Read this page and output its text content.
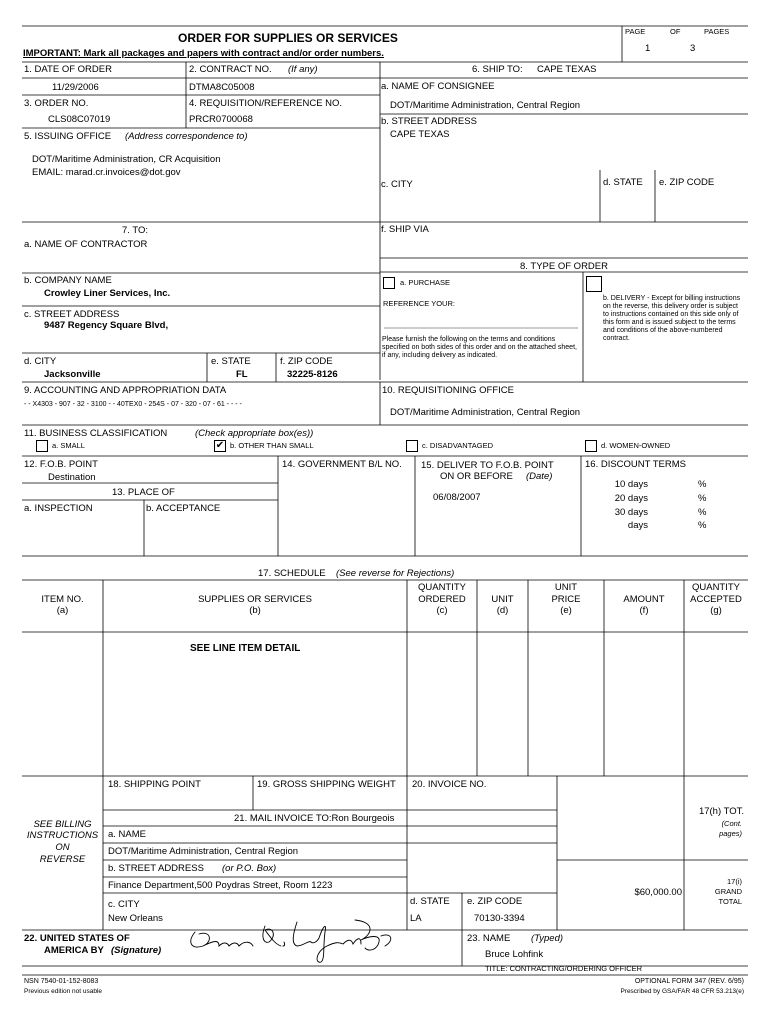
ORDER FOR SUPPLIES OR SERVICES
IMPORTANT: Mark all packages and papers with contract and/or order numbers.
PAGE	OF	PAGES
1	3
1. DATE OF ORDER
11/29/2006
2. CONTRACT NO. (If any)
DTMA8C05008
3. ORDER NO.
CLS08C07019
4. REQUISITION/REFERENCE NO.
PRCR0700068
5. ISSUING OFFICE (Address correspondence to)
DOT/Maritime Administration, CR Acquisition
EMAIL: marad.cr.invoices@dot.gov
6. SHIP TO: CAPE TEXAS
a. NAME OF CONSIGNEE
DOT/Maritime Administration, Central Region
b. STREET ADDRESS
CAPE TEXAS
c. CITY	d. STATE e. ZIP CODE
f. SHIP VIA
7. TO:
a. NAME OF CONTRACTOR
b. COMPANY NAME
Crowley Liner Services, Inc.
c. STREET ADDRESS
9487 Regency Square Blvd,
d. CITY
Jacksonville
e. STATE
FL
f. ZIP CODE
32225-8126
8. TYPE OF ORDER
a. PURCHASE
REFERENCE YOUR:
Please furnish the following on the terms and conditions specified on both sides of this order and on the attached sheet, if any, including delivery as indicated.
b. DELIVERY - Except for billing instructions on the reverse, this delivery order is subject to instructions contained on this side only of this form and is issued subject to the terms and conditions of the above-numbered contract.
9. ACCOUNTING AND APPROPRIATION DATA
- - X4303 - 907 - 32 - 3100 - - 40TEX0 - 254S - 07 - 320 - 07 - 61 - - - -
10. REQUISITIONING OFFICE
DOT/Maritime Administration, Central Region
11. BUSINESS CLASSIFICATION	(Check appropriate box(es))
a. SMALL	✔ b. OTHER THAN SMALL	c. DISADVANTAGED	d. WOMEN-OWNED
12. F.O.B. POINT
Destination
13. PLACE OF
a. INSPECTION	b. ACCEPTANCE
14. GOVERNMENT B/L NO. 15. DELIVER TO F.O.B. POINT
ON OR BEFORE (Date)
06/08/2007
16. DISCOUNT TERMS
10 days	%
20 days	%
30 days	%
days	%
17. SCHEDULE (See reverse for Rejections)
ITEM NO.
(a)
SUPPLIES OR SERVICES
(b)
QUANTITY
ORDERED
(c)
UNIT
(d)
UNIT
PRICE
(e)
AMOUNT
(f)
QUANTITY
ACCEPTED
(g)
SEE LINE ITEM DETAIL
18. SHIPPING POINT	19. GROSS SHIPPING WEIGHT 20. INVOICE NO.
21. MAIL INVOICE TO:Ron Bourgeois
SEE BILLING
INSTRUCTIONS
ON
REVERSE
a. NAME
DOT/Maritime Administration, Central Region
b. STREET ADDRESS (or P.O. Box)
Finance Department,500 Poydras Street, Room 1223
c. CITY
New Orleans
d. STATE
LA
e. ZIP CODE
70130-3394
17(h) TOT.
(Cont.
pages)
17(i)
GRAND
TOTAL
$60,000.00
22. UNITED STATES OF
AMERICA BY (Signature)
23. NAME (Typed)
Bruce Lohfink
TITLE: CONTRACTING/ORDERING OFFICER
NSN 7540-01-152-8083
Previous edition not usable
OPTIONAL FORM 347 (REV. 6/95)
Prescribed by GSA/FAR 48 CFR 53.213(e)
